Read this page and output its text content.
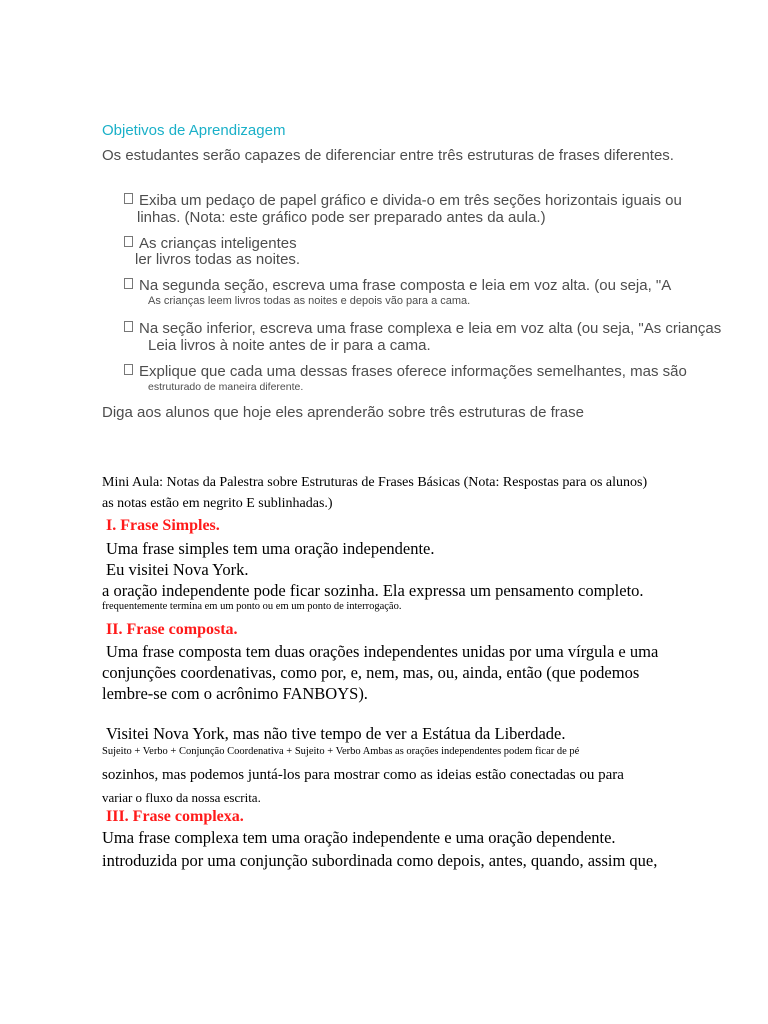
Objetivos de Aprendizagem
Os estudantes serão capazes de diferenciar entre três estruturas de frases diferentes.
Exiba um pedaço de papel gráfico e divida-o em três seções horizontais iguais ou
linhas. (Nota: este gráfico pode ser preparado antes da aula.)
As crianças inteligentes
ler livros todas as noites.
Na segunda seção, escreva uma frase composta e leia em voz alta. (ou seja, "A
As crianças leem livros todas as noites e depois vão para a cama.
Na seção inferior, escreva uma frase complexa e leia em voz alta (ou seja, "As crianças
Leia livros à noite antes de ir para a cama.
Explique que cada uma dessas frases oferece informações semelhantes, mas são
estruturado de maneira diferente.
Diga aos alunos que hoje eles aprenderão sobre três estruturas de frase
Mini Aula: Notas da Palestra sobre Estruturas de Frases Básicas (Nota: Respostas para os alunos)
as notas estão em negrito E sublinhadas.)
I. Frase Simples.
Uma frase simples tem uma oração independente.
Eu visitei Nova York.
a oração independente pode ficar sozinha. Ela expressa um pensamento completo.
frequentemente termina em um ponto ou em um ponto de interrogação.
II. Frase composta.
Uma frase composta tem duas orações independentes unidas por uma vírgula e uma
conjunções coordenativas, como por, e, nem, mas, ou, ainda, então (que podemos
lembre-se com o acrônimo FANBOYS).
Visitei Nova York, mas não tive tempo de ver a Estátua da Liberdade.
Sujeito + Verbo + Conjunção Coordenativa + Sujeito + Verbo Ambas as orações independentes podem ficar de pé
sozinhos, mas podemos juntá-los para mostrar como as ideias estão conectadas ou para
variar o fluxo da nossa escrita.
III. Frase complexa.
Uma frase complexa tem uma oração independente e uma oração dependente.
introduzida por uma conjunção subordinada como depois, antes, quando, assim que,
